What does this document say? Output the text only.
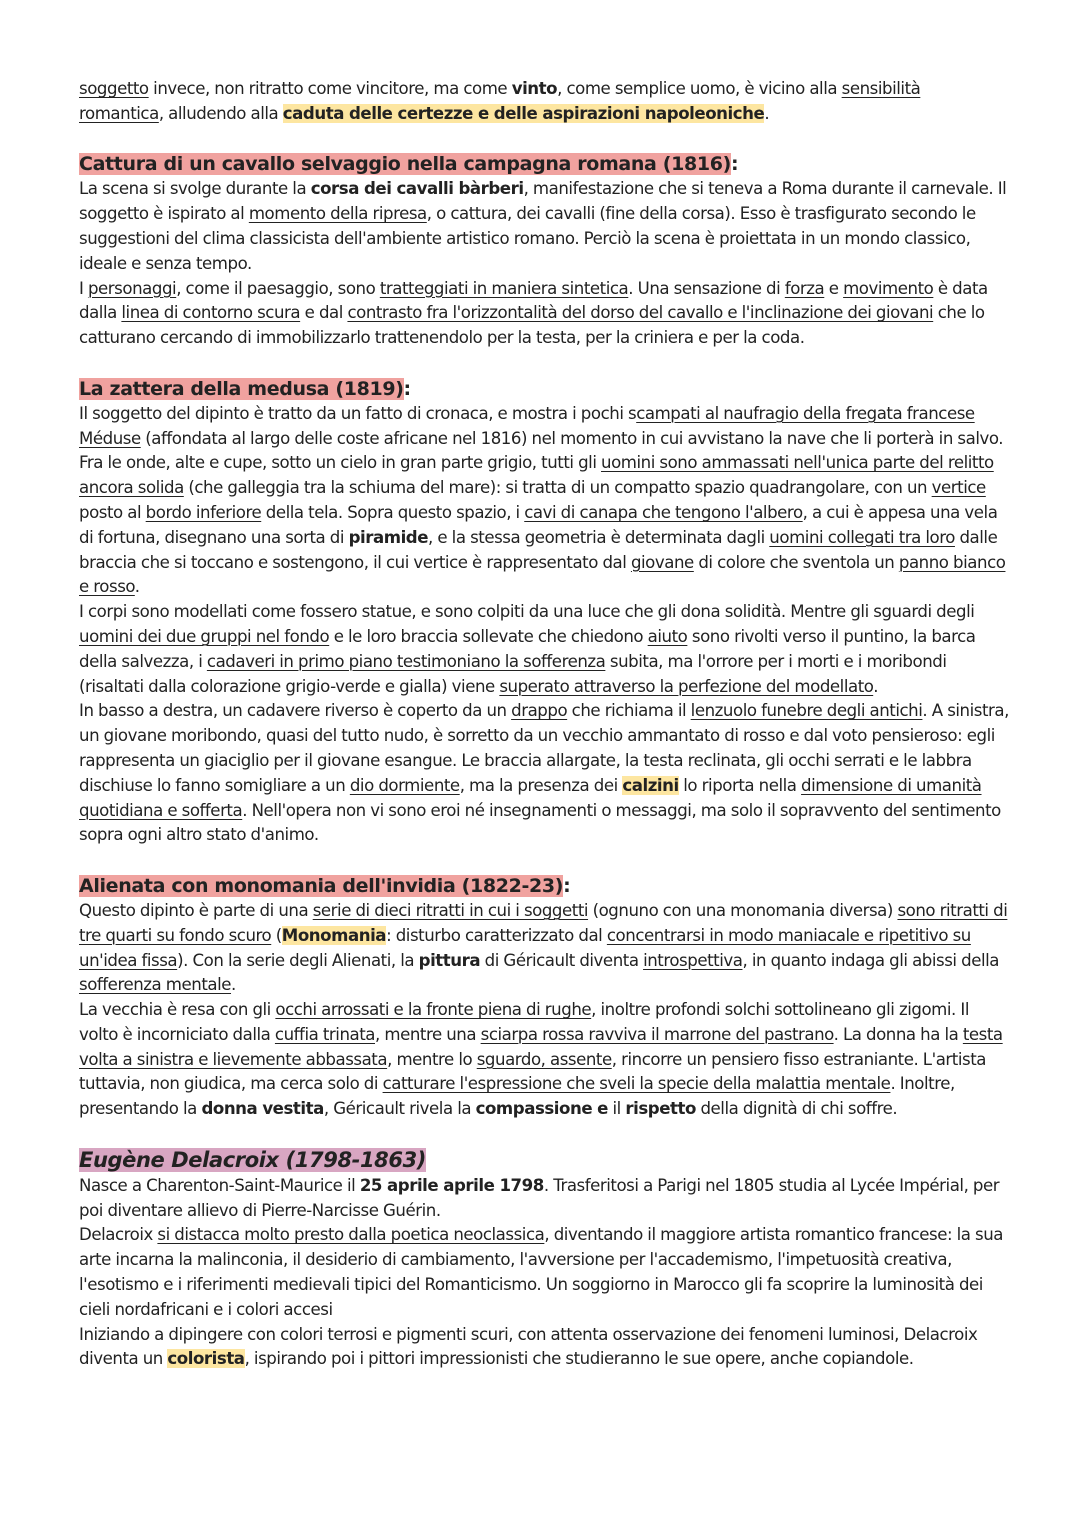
soggetto invece, non ritratto come vincitore, ma come vinto, come semplice uomo, è vicino alla sensibilità romantica, alludendo alla caduta delle certezze e delle aspirazioni napoleoniche.

Cattura di un cavallo selvaggio nella campagna romana (1816):

La scena si svolge durante la corsa dei cavalli bàrberi, manifestazione che si teneva a Roma durante il carnevale. Il soggetto è ispirato al momento della ripresa, o cattura, dei cavalli (fine della corsa). Esso è trasfigurato secondo le suggestioni del clima classicista dell'ambiente artistico romano. Perciò la scena è proiettata in un mondo classico, ideale e senza tempo.

I personaggi, come il paesaggio, sono tratteggiati in maniera sintetica. Una sensazione di forza e movimento è data dalla linea di contorno scura e dal contrasto fra l'orizzontalità del dorso del cavallo e l'inclinazione dei giovani che lo catturano cercando di immobilizzarlo trattenendolo per la testa, per la criniera e per la coda.

La zattera della medusa (1819):

Il soggetto del dipinto è tratto da un fatto di cronaca, e mostra i pochi scampati al naufragio della fregata francese Méduse (affondata al largo delle coste africane nel 1816) nel momento in cui avvistano la nave che li porterà in salvo. Fra le onde, alte e cupe, sotto un cielo in gran parte grigio, tutti gli uomini sono ammassati nell'unica parte del relitto ancora solida (che galleggia tra la schiuma del mare): si tratta di un compatto spazio quadrangolare, con un vertice posto al bordo inferiore della tela. Sopra questo spazio, i cavi di canapa che tengono l'albero, a cui è appesa una vela di fortuna, disegnano una sorta di piramide, e la stessa geometria è determinata dagli uomini collegati tra loro dalle braccia che si toccano e sostengono, il cui vertice è rappresentato dal giovane di colore che sventola un panno bianco e rosso.

I corpi sono modellati come fossero statue, e sono colpiti da una luce che gli dona solidità. Mentre gli sguardi degli uomini dei due gruppi nel fondo e le loro braccia sollevate che chiedono aiuto sono rivolti verso il puntino, la barca della salvezza, i cadaveri in primo piano testimoniano la sofferenza subita, ma l'orrore per i morti e i moribondi (risaltati dalla colorazione grigio-verde e gialla) viene superato attraverso la perfezione del modellato.

In basso a destra, un cadavere riverso è coperto da un drappo che richiama il lenzuolo funebre degli antichi. A sinistra, un giovane moribondo, quasi del tutto nudo, è sorretto da un vecchio ammantato di rosso e dal voto pensieroso: egli rappresenta un giaciglio per il giovane esangue. Le braccia allargate, la testa reclinata, gli occhi serrati e le labbra dischiuse lo fanno somigliare a un dio dormiente, ma la presenza dei calzini lo riporta nella dimensione di umanità quotidiana e sofferta. Nell'opera non vi sono eroi né insegnamenti o messaggi, ma solo il sopravvento del sentimento sopra ogni altro stato d'animo.

Alienata con monomania dell'invidia (1822-23):

Questo dipinto è parte di una serie di dieci ritratti in cui i soggetti (ognuno con una monomania diversa) sono ritratti di tre quarti su fondo scuro (Monomania: disturbo caratterizzato dal concentrarsi in modo maniacale e ripetitivo su un'idea fissa). Con la serie degli Alienati, la pittura di Géricault diventa introspettiva, in quanto indaga gli abissi della sofferenza mentale.

La vecchia è resa con gli occhi arrossati e la fronte piena di rughe, inoltre profondi solchi sottolineano gli zigomi. Il volto è incorniciato dalla cuffia trinata, mentre una sciarpa rossa ravviva il marrone del pastrano. La donna ha la testa volta a sinistra e lievemente abbassata, mentre lo sguardo, assente, rincorre un pensiero fisso estraniante. L'artista tuttavia, non giudica, ma cerca solo di catturare l'espressione che sveli la specie della malattia mentale. Inoltre, presentando la donna vestita, Géricault rivela la compassione e il rispetto della dignità di chi soffre.

Eugène Delacroix (1798-1863)

Nasce a Charenton-Saint-Maurice il 25 aprile aprile 1798. Trasferitosi a Parigi nel 1805 studia al Lycée Impérial, per poi diventare allievo di Pierre-Narcisse Guérin.

Delacroix si distacca molto presto dalla poetica neoclassica, diventando il maggiore artista romantico francese: la sua arte incarna la malinconia, il desiderio di cambiamento, l'avversione per l'accademismo, l'impetuosità creativa, l'esotismo e i riferimenti medievali tipici del Romanticismo. Un soggiorno in Marocco gli fa scoprire la luminosità dei cieli nordafricani e i colori accesi

Iniziando a dipingere con colori terrosi e pigmenti scuri, con attenta osservazione dei fenomeni luminosi, Delacroix diventa un colorista, ispirando poi i pittori impressionisti che studieranno le sue opere, anche copiandole.
